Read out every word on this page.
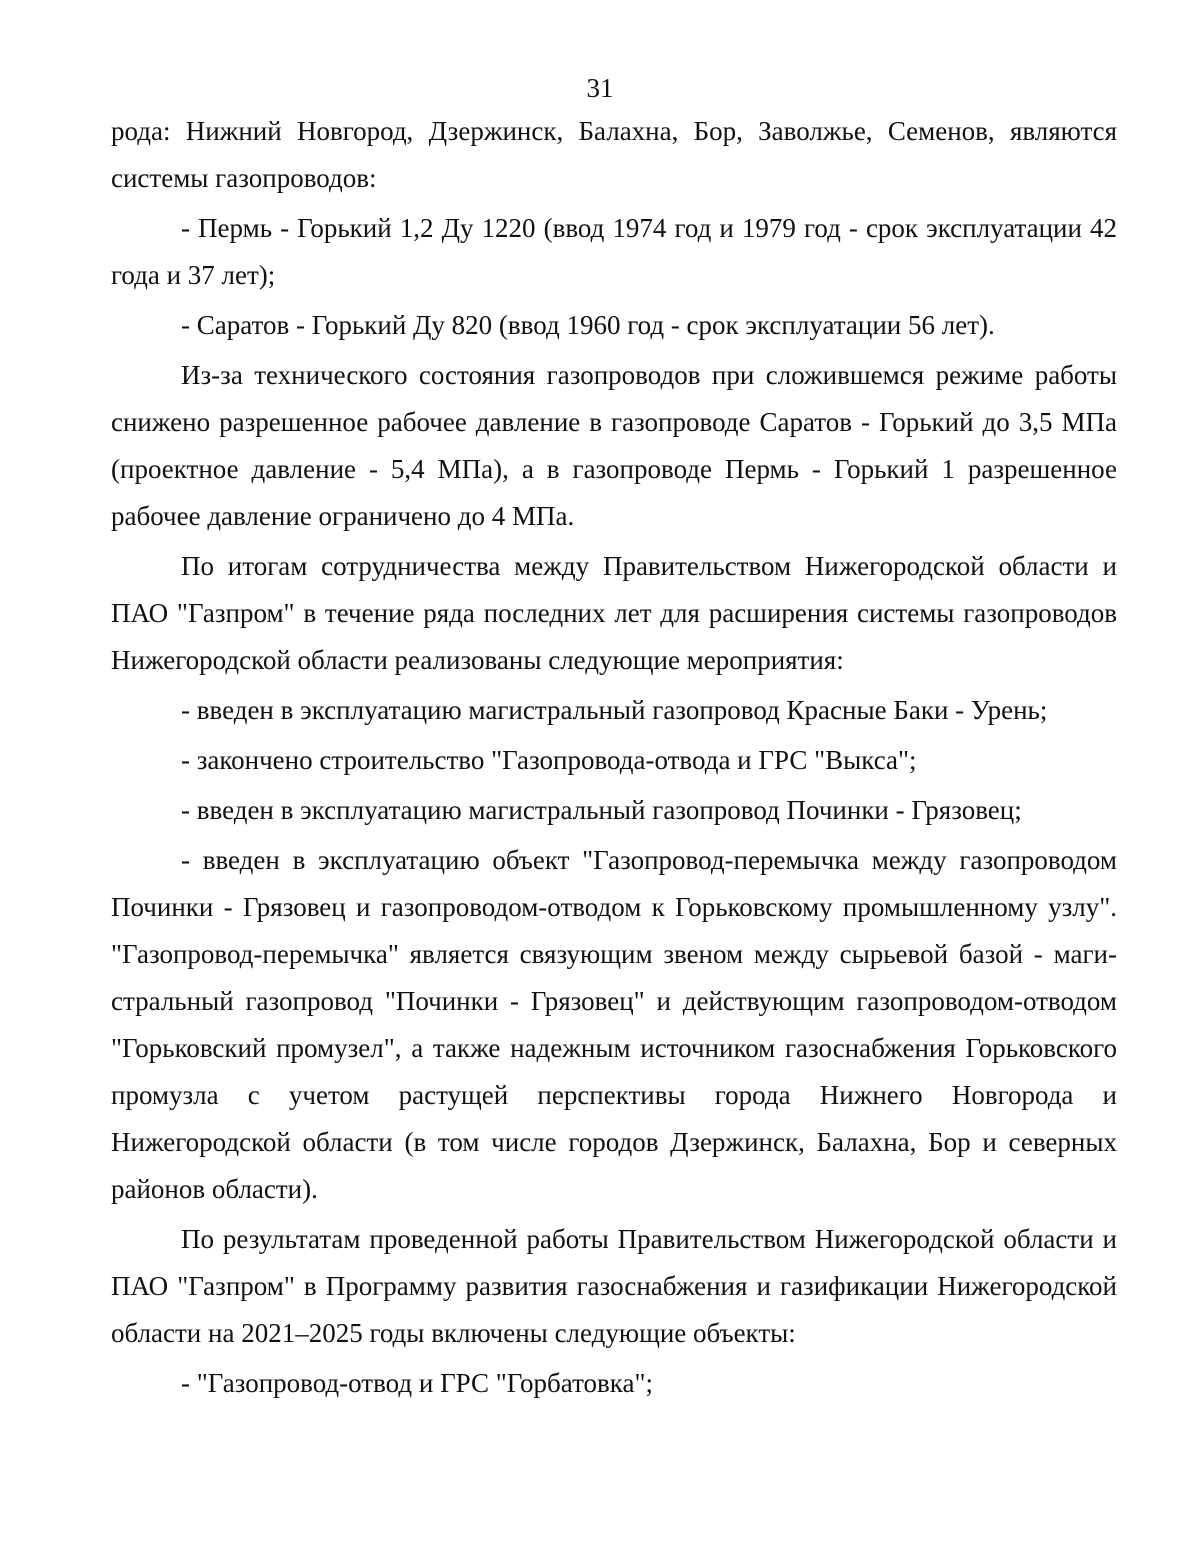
31

рода: Нижний Новгород, Дзержинск, Балахна, Бор, Заволжье, Семенов, являются системы газопроводов:

- Пермь - Горький 1,2 Ду 1220 (ввод 1974 год и 1979 год - срок эксплуатации 42 года и 37 лет);

- Саратов - Горький Ду 820 (ввод 1960 год - срок эксплуатации 56 лет).

Из-за технического состояния газопроводов при сложившемся режиме работы снижено разрешенное рабочее давление в газопроводе Саратов - Горький до 3,5 МПа (проектное давление - 5,4 МПа), а в газопроводе Пермь - Горький 1 разрешенное рабочее давление ограничено до 4 МПа.

По итогам сотрудничества между Правительством Нижегородской области и ПАО "Газпром" в течение ряда последних лет для расширения системы газопроводов Нижегородской области реализованы следующие мероприятия:

- введен в эксплуатацию магистральный газопровод Красные Баки - Урень;

- закончено строительство "Газопровода-отвода и ГРС "Выкса";

- введен в эксплуатацию магистральный газопровод Починки - Грязовец;

- введен в эксплуатацию объект "Газопровод-перемычка между газопроводом Починки - Грязовец и газопроводом-отводом к Горьковскому промышленному узлу". "Газопровод-перемычка" является связующим звеном между сырьевой базой - магистральный газопровод "Починки - Грязовец" и действующим газопроводом-отводом "Горьковский промузел", а также надежным источником газоснабжения Горьковского промузла с учетом растущей перспективы города Нижнего Новгорода и Нижегородской области (в том числе городов Дзержинск, Балахна, Бор и северных районов области).

По результатам проведенной работы Правительством Нижегородской области и ПАО "Газпром" в Программу развития газоснабжения и газификации Нижегородской области на 2021–2025 годы включены следующие объекты:

- "Газопровод-отвод и ГРС "Горбатовка";
